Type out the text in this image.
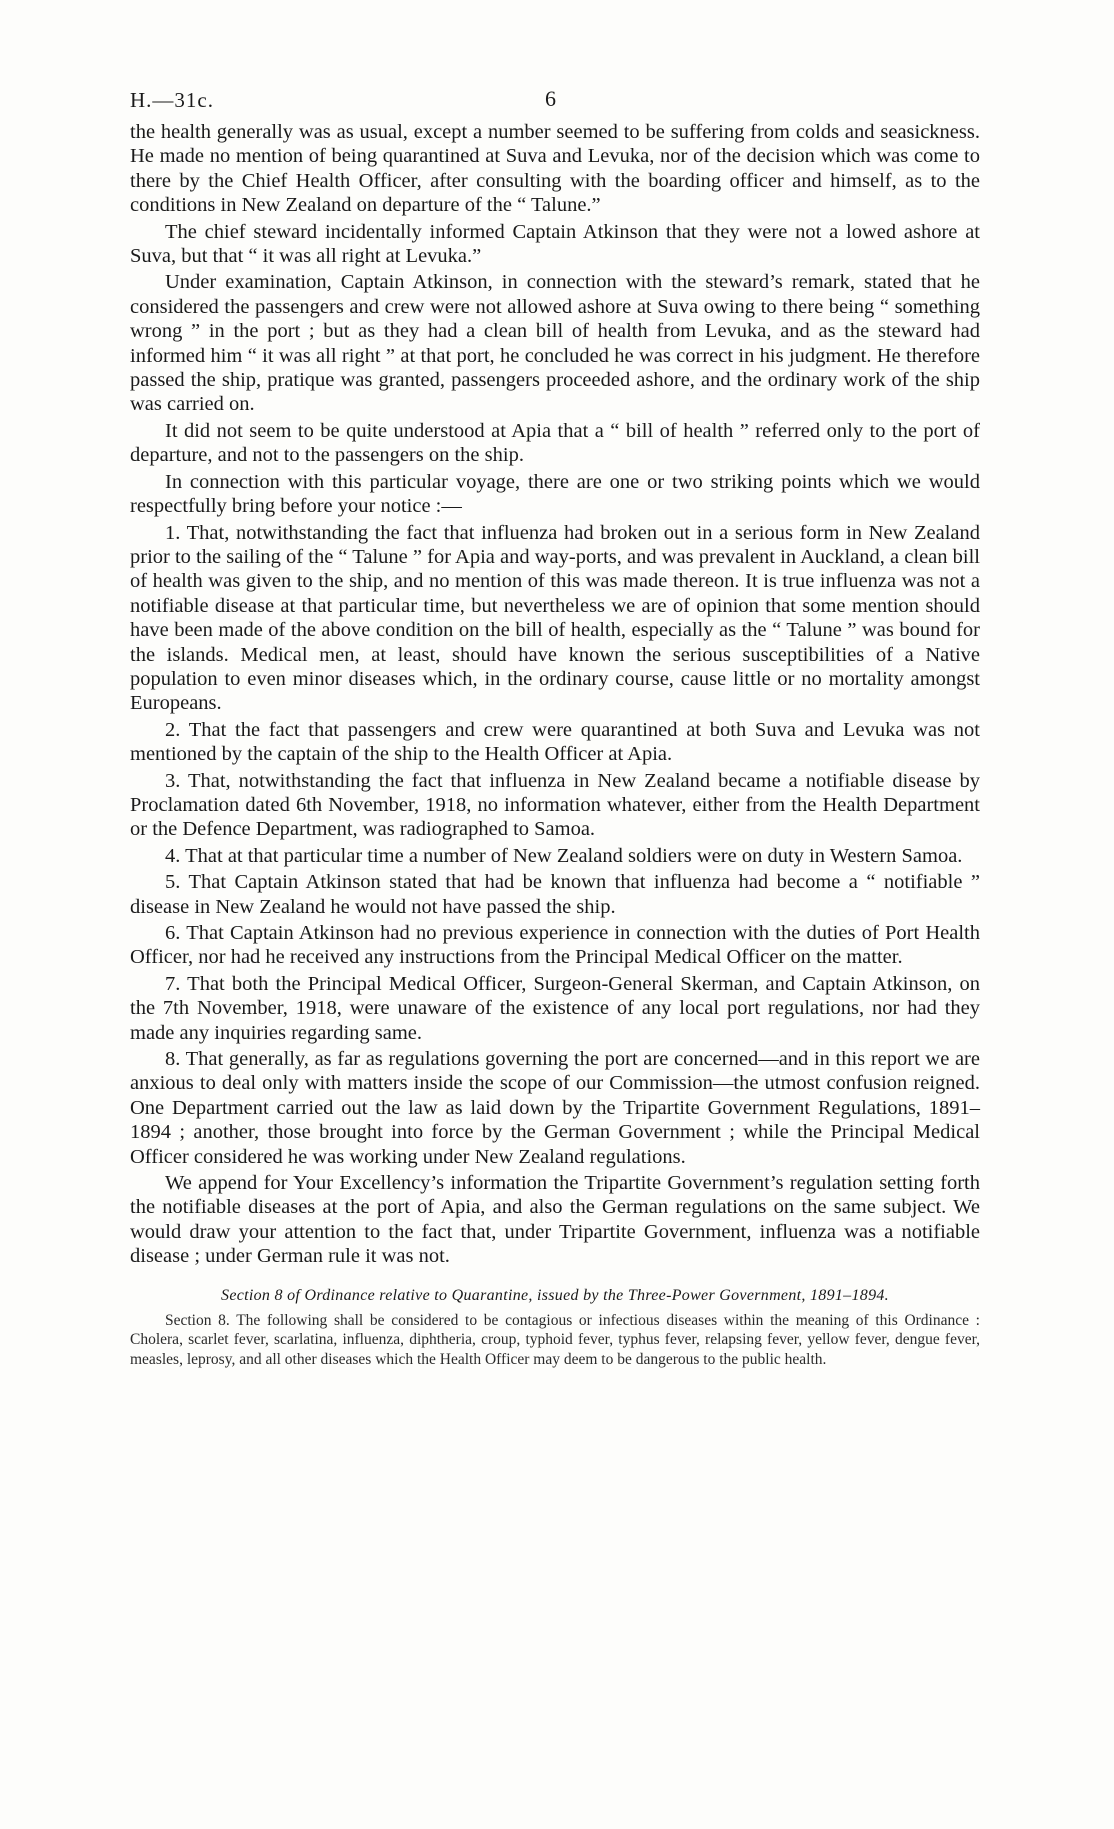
H.—31c.	6

the health generally was as usual, except a number seemed to be suffering from colds and seasickness. He made no mention of being quarantined at Suva and Levuka, nor of the decision which was come to there by the Chief Health Officer, after consulting with the boarding officer and himself, as to the conditions in New Zealand on departure of the “ Talune.”

The chief steward incidentally informed Captain Atkinson that they were not a lowed ashore at Suva, but that “ it was all right at Levuka.”

Under examination, Captain Atkinson, in connection with the steward’s remark, stated that he considered the passengers and crew were not allowed ashore at Suva owing to there being “ something wrong ” in the port ; but as they had a clean bill of health from Levuka, and as the steward had informed him “ it was all right ” at that port, he concluded he was correct in his judgment. He therefore passed the ship, pratique was granted, passengers proceeded ashore, and the ordinary work of the ship was carried on.

It did not seem to be quite understood at Apia that a “ bill of health ” referred only to the port of departure, and not to the passengers on the ship.

In connection with this particular voyage, there are one or two striking points which we would respectfully bring before your notice :—

1. That, notwithstanding the fact that influenza had broken out in a serious form in New Zealand prior to the sailing of the “ Talune ” for Apia and way-ports, and was prevalent in Auckland, a clean bill of health was given to the ship, and no mention of this was made thereon. It is true influenza was not a notifiable disease at that particular time, but nevertheless we are of opinion that some mention should have been made of the above condition on the bill of health, especially as the “ Talune ” was bound for the islands. Medical men, at least, should have known the serious susceptibilities of a Native population to even minor diseases which, in the ordinary course, cause little or no mortality amongst Europeans.

2. That the fact that passengers and crew were quarantined at both Suva and Levuka was not mentioned by the captain of the ship to the Health Officer at Apia.

3. That, notwithstanding the fact that influenza in New Zealand became a notifiable disease by Proclamation dated 6th November, 1918, no information whatever, either from the Health Department or the Defence Department, was radiographed to Samoa.

4. That at that particular time a number of New Zealand soldiers were on duty in Western Samoa.

5. That Captain Atkinson stated that had be known that influenza had become a “ notifiable ” disease in New Zealand he would not have passed the ship.

6. That Captain Atkinson had no previous experience in connection with the duties of Port Health Officer, nor had he received any instructions from the Principal Medical Officer on the matter.

7. That both the Principal Medical Officer, Surgeon-General Skerman, and Captain Atkinson, on the 7th November, 1918, were unaware of the existence of any local port regulations, nor had they made any inquiries regarding same.

8. That generally, as far as regulations governing the port are concerned—and in this report we are anxious to deal only with matters inside the scope of our Commission—the utmost confusion reigned. One Department carried out the law as laid down by the Tripartite Government Regulations, 1891–1894 ; another, those brought into force by the German Government ; while the Principal Medical Officer considered he was working under New Zealand regulations.

We append for Your Excellency’s information the Tripartite Government’s regulation setting forth the notifiable diseases at the port of Apia, and also the German regulations on the same subject. We would draw your attention to the fact that, under Tripartite Government, influenza was a notifiable disease ; under German rule it was not.

Section 8 of Ordinance relative to Quarantine, issued by the Three-Power Government, 1891–1894.

Section 8. The following shall be considered to be contagious or infectious diseases within the meaning of this Ordinance : Cholera, scarlet fever, scarlatina, influenza, diphtheria, croup, typhoid fever, typhus fever, relapsing fever, yellow fever, dengue fever, measles, leprosy, and all other diseases which the Health Officer may deem to be dangerous to the public health.
